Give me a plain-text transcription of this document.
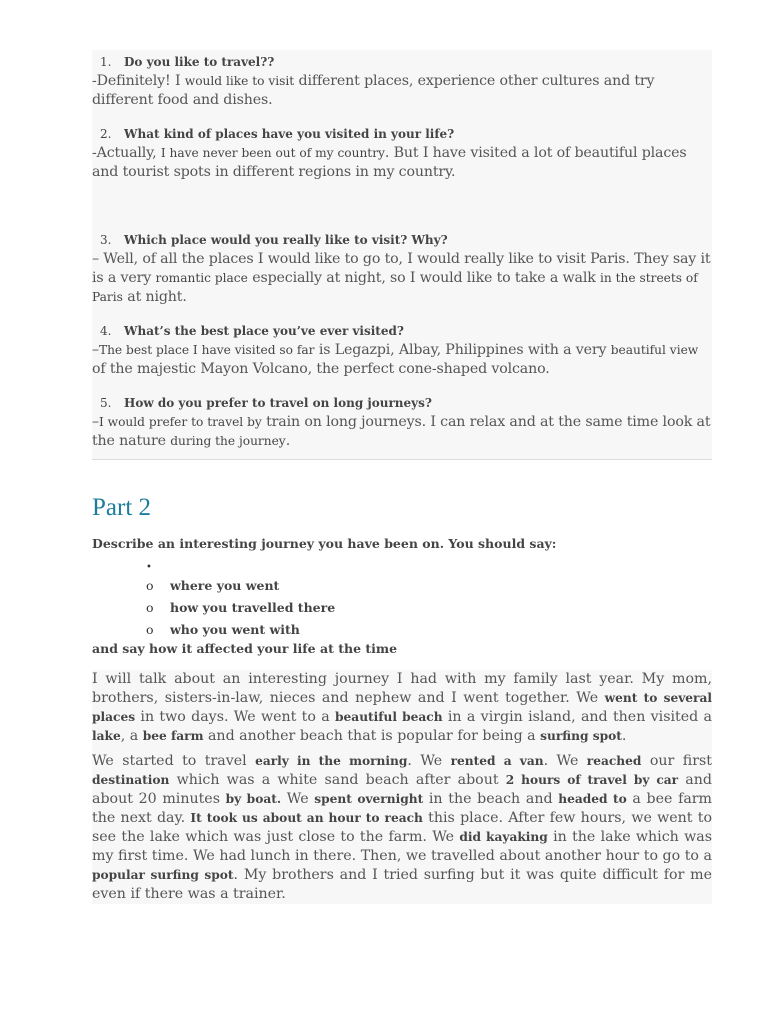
1.	Do you like to travel??

-Definitely! I would like to visit different places, experience other cultures and try different food and dishes.

2.	What kind of places have you visited in your life?

-Actually, I have never been out of my country. But I have visited a lot of beautiful places and tourist spots in different regions in my country.

3.	Which place would you really like to visit? Why?

– Well, of all the places I would like to go to, I would really like to visit Paris. They say it is a very romantic place especially at night, so I would like to take a walk in the streets of Paris at night.

4.	What’s the best place you’ve ever visited?

–The best place I have visited so far is Legazpi, Albay, Philippines with a very beautiful view of the majestic Mayon Volcano, the perfect cone-shaped volcano.

5.	How do you prefer to travel on long journeys?

–I would prefer to travel by train on long journeys. I can relax and at the same time look at the nature during the journey.

Part 2

Describe an interesting journey you have been on. You should say:

•
o where you went
o how you travelled there
o who you went with

and say how it affected your life at the time

I will talk about an interesting journey I had with my family last year. My mom, brothers, sisters-in-law, nieces and nephew and I went together. We went to several places in two days. We went to a beautiful beach in a virgin island, and then visited a lake, a bee farm and another beach that is popular for being a surfing spot.

We started to travel early in the morning. We rented a van. We reached our first destination which was a white sand beach after about 2 hours of travel by car and about 20 minutes by boat. We spent overnight in the beach and headed to a bee farm the next day. It took us about an hour to reach this place. After few hours, we went to see the lake which was just close to the farm. We did kayaking in the lake which was my first time. We had lunch in there. Then, we travelled about another hour to go to a popular surfing spot. My brothers and I tried surfing but it was quite difficult for me even if there was a trainer.
